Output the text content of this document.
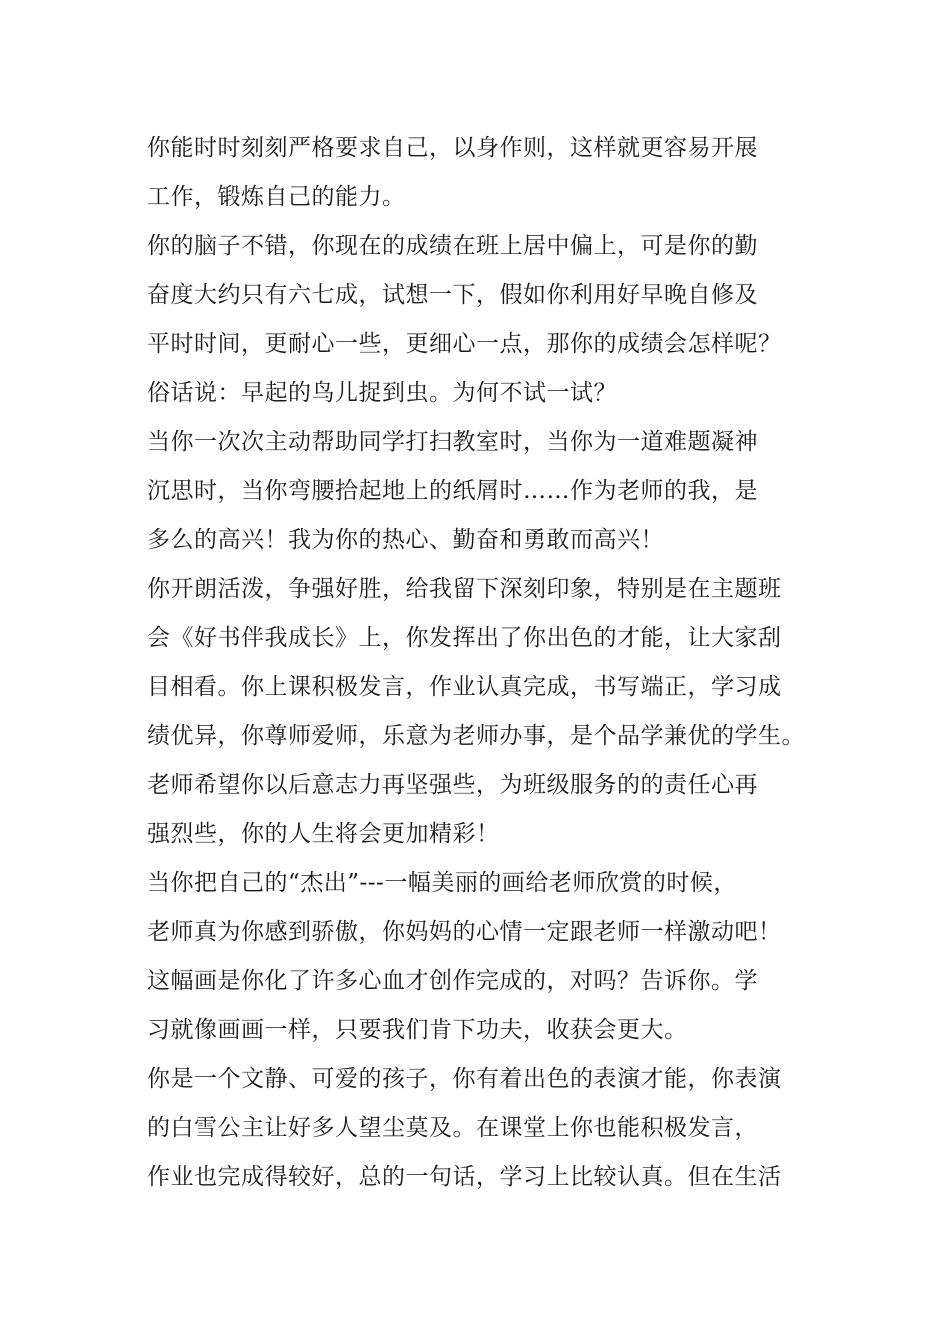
你能时时刻刻严格要求自己，以身作则，这样就更容易开展
工作，锻炼自己的能力。
你的脑子不错，你现在的成绩在班上居中偏上，可是你的勤
奋度大约只有六七成，试想一下，假如你利用好早晚自修及
平时时间，更耐心一些，更细心一点，那你的成绩会怎样呢？
俗话说：早起的鸟儿捉到虫。为何不试一试？
当你一次次主动帮助同学打扫教室时，当你为一道难题凝神
沉思时，当你弯腰拾起地上的纸屑时……作为老师的我，是
多么的高兴！我为你的热心、勤奋和勇敢而高兴！
你开朗活泼，争强好胜，给我留下深刻印象，特别是在主题班
会《好书伴我成长》上，你发挥出了你出色的才能，让大家刮
目相看。你上课积极发言，作业认真完成，书写端正，学习成
绩优异，你尊师爱师，乐意为老师办事，是个品学兼优的学生。
老师希望你以后意志力再坚强些，为班级服务的的责任心再
强烈些，你的人生将会更加精彩！
当你把自己的“杰出”---一幅美丽的画给老师欣赏的时候，
老师真为你感到骄傲，你妈妈的心情一定跟老师一样激动吧！
这幅画是你化了许多心血才创作完成的，对吗？告诉你。学
习就像画画一样，只要我们肯下功夫，收获会更大。
你是一个文静、可爱的孩子，你有着出色的表演才能，你表演
的白雪公主让好多人望尘莫及。在课堂上你也能积极发言，
作业也完成得较好，总的一句话，学习上比较认真。但在生活
